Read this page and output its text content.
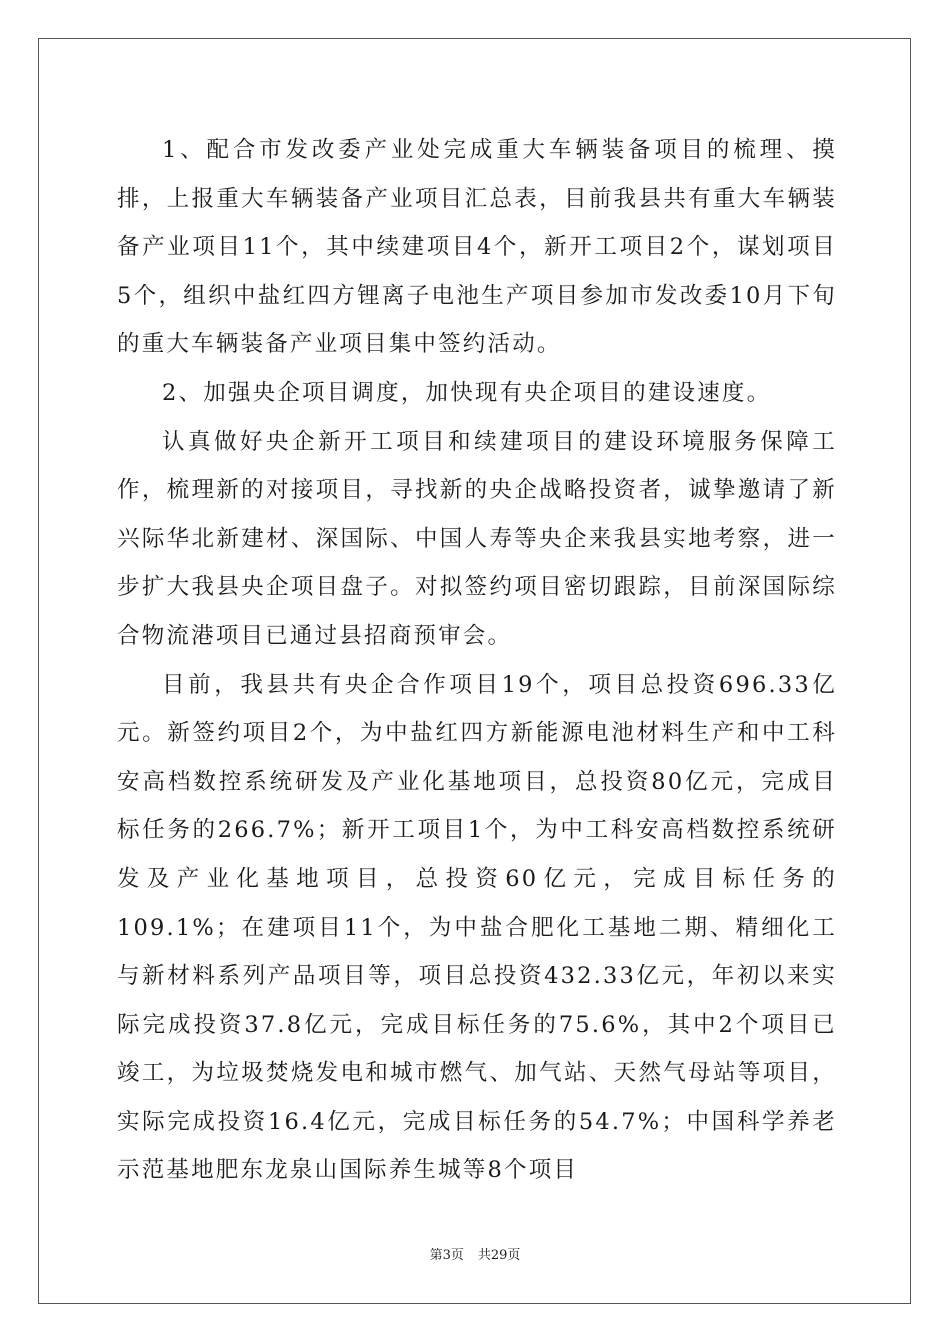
1、配合市发改委产业处完成重大车辆装备项目的梳理、摸排，上报重大车辆装备产业项目汇总表，目前我县共有重大车辆装备产业项目11个，其中续建项目4个，新开工项目2个，谋划项目5个，组织中盐红四方锂离子电池生产项目参加市发改委10月下旬的重大车辆装备产业项目集中签约活动。

2、加强央企项目调度，加快现有央企项目的建设速度。

认真做好央企新开工项目和续建项目的建设环境服务保障工作，梳理新的对接项目，寻找新的央企战略投资者，诚挚邀请了新兴际华北新建材、深国际、中国人寿等央企来我县实地考察，进一步扩大我县央企项目盘子。对拟签约项目密切跟踪，目前深国际综合物流港项目已通过县招商预审会。

目前，我县共有央企合作项目19个，项目总投资696.33亿元。新签约项目2个，为中盐红四方新能源电池材料生产和中工科安高档数控系统研发及产业化基地项目，总投资80亿元，完成目标任务的266.7%；新开工项目1个，为中工科安高档数控系统研发及产业化基地项目，总投资60亿元，完成目标任务的109.1%；在建项目11个，为中盐合肥化工基地二期、精细化工与新材料系列产品项目等，项目总投资432.33亿元，年初以来实际完成投资37.8亿元，完成目标任务的75.6%，其中2个项目已竣工，为垃圾焚烧发电和城市燃气、加气站、天然气母站等项目，实际完成投资16.4亿元，完成目标任务的54.7%；中国科学养老示范基地肥东龙泉山国际养生城等8个项目

第3页 共29页
